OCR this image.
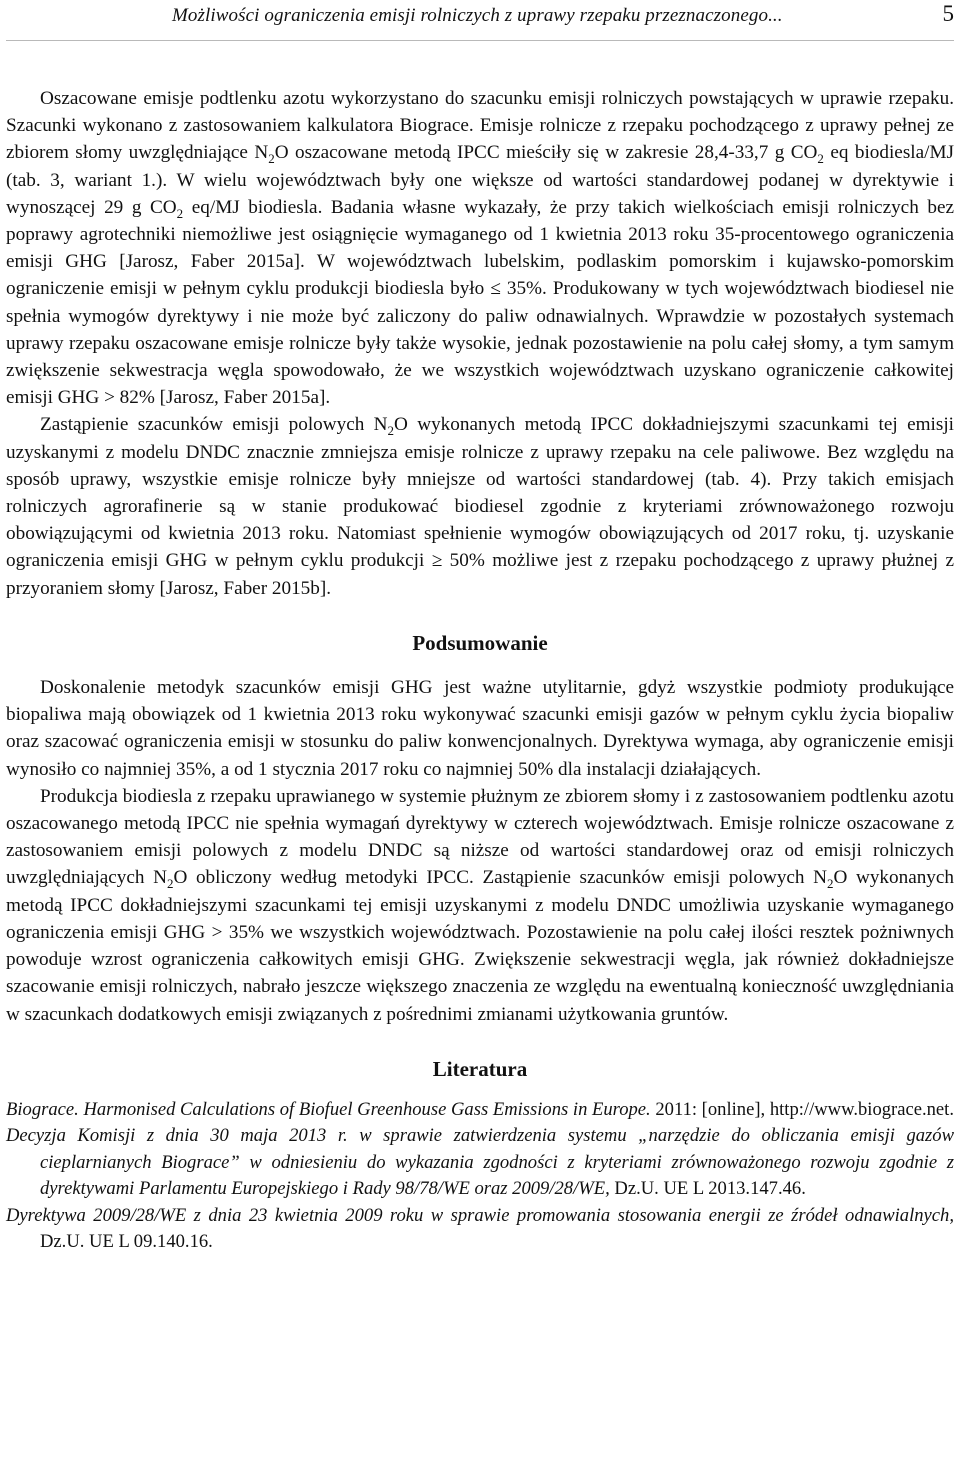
Możliwości ograniczenia emisji rolniczych z uprawy rzepaku przeznaczonego...	5

Oszacowane emisje podtlenku azotu wykorzystano do szacunku emisji rolniczych powstających w uprawie rzepaku. Szacunki wykonano z zastosowaniem kalkulatora Biograce. Emisje rolnicze z rzepaku pochodzącego z uprawy pełnej ze zbiorem słomy uwzględniające $N_2O$ oszacowane metodą IPCC mieściły się w zakresie 28,4-33,7 g $CO_2$ eq biodiesla/MJ (tab. 3, wariant 1.). W wielu województwach były one większe od wartości standardowej podanej w dyrektywie i wynoszącej 29 g $CO_2$ eq/MJ biodiesla. Badania własne wykazały, że przy takich wielkościach emisji rolniczych bez poprawy agrotechniki niemożliwe jest osiągnięcie wymaganego od 1 kwietnia 2013 roku 35-procentowego ograniczenia emisji GHG [Jarosz, Faber 2015a]. W województwach lubelskim, podlaskim pomorskim i kujawsko-pomorskim ograniczenie emisji w pełnym cyklu produkcji biodiesla było ≤ 35%. Produkowany w tych województwach biodiesel nie spełnia wymogów dyrektywy i nie może być zaliczony do paliw odnawialnych. Wprawdzie w pozostałych systemach uprawy rzepaku oszacowane emisje rolnicze były także wysokie, jednak pozostawienie na polu całej słomy, a tym samym zwiększenie sekwestracja węgla spowodowało, że we wszystkich województwach uzyskano ograniczenie całkowitej emisji GHG > 82% [Jarosz, Faber 2015a].

Zastąpienie szacunków emisji polowych $N_2O$ wykonanych metodą IPCC dokładniejszymi szacunkami tej emisji uzyskanymi z modelu DNDC znacznie zmniejsza emisje rolnicze z uprawy rzepaku na cele paliwowe. Bez względu na sposób uprawy, wszystkie emisje rolnicze były mniejsze od wartości standardowej (tab. 4). Przy takich emisjach rolniczych agrorafinerie są w stanie produkować biodiesel zgodnie z kryteriami zrównoważonego rozwoju obowiązującymi od kwietnia 2013 roku. Natomiast spełnienie wymogów obowiązujących od 2017 roku, tj. uzyskanie ograniczenia emisji GHG w pełnym cyklu produkcji ≥ 50% możliwe jest z rzepaku pochodzącego z uprawy płużnej z przyoraniem słomy [Jarosz, Faber 2015b].

Podsumowanie

Doskonalenie metodyk szacunków emisji GHG jest ważne utylitarnie, gdyż wszystkie podmioty produkujące biopaliwa mają obowiązek od 1 kwietnia 2013 roku wykonywać szacunki emisji gazów w pełnym cyklu życia biopaliw oraz szacować ograniczenia emisji w stosunku do paliw konwencjonalnych. Dyrektywa wymaga, aby ograniczenie emisji wynosiło co najmniej 35%, a od 1 stycznia 2017 roku co najmniej 50% dla instalacji działających.

Produkcja biodiesla z rzepaku uprawianego w systemie płużnym ze zbiorem słomy i z zastosowaniem podtlenku azotu oszacowanego metodą IPCC nie spełnia wymagań dyrektywy w czterech województwach. Emisje rolnicze oszacowane z zastosowaniem emisji polowych z modelu DNDC są niższe od wartości standardowej oraz od emisji rolniczych uwzględniających $N_2O$ obliczony według metodyki IPCC. Zastąpienie szacunków emisji polowych $N_2O$ wykonanych metodą IPCC dokładniejszymi szacunkami tej emisji uzyskanymi z modelu DNDC umożliwia uzyskanie wymaganego ograniczenia emisji GHG > 35% we wszystkich województwach. Pozostawienie na polu całej ilości resztek pożniwnych powoduje wzrost ograniczenia całkowitych emisji GHG. Zwiększenie sekwestracji węgla, jak również dokładniejsze szacowanie emisji rolniczych, nabrało jeszcze większego znaczenia ze względu na ewentualną konieczność uwzględniania w szacunkach dodatkowych emisji związanych z pośrednimi zmianami użytkowania gruntów.

Literatura

Biograce. Harmonised Calculations of Biofuel Greenhouse Gass Emissions in Europe. 2011: [online], http://www.biograce.net.

Decyzja Komisji z dnia 30 maja 2013 r. w sprawie zatwierdzenia systemu „narzędzie do obliczania emisji gazów cieplarnianych Biograce” w odniesieniu do wykazania zgodności z kryteriami zrównoważonego rozwoju zgodnie z dyrektywami Parlamentu Europejskiego i Rady 98/78/WE oraz 2009/28/WE, Dz.U. UE L 2013.147.46.

Dyrektywa 2009/28/WE z dnia 23 kwietnia 2009 roku w sprawie promowania stosowania energii ze źródeł odnawialnych, Dz.U. UE L 09.140.16.
